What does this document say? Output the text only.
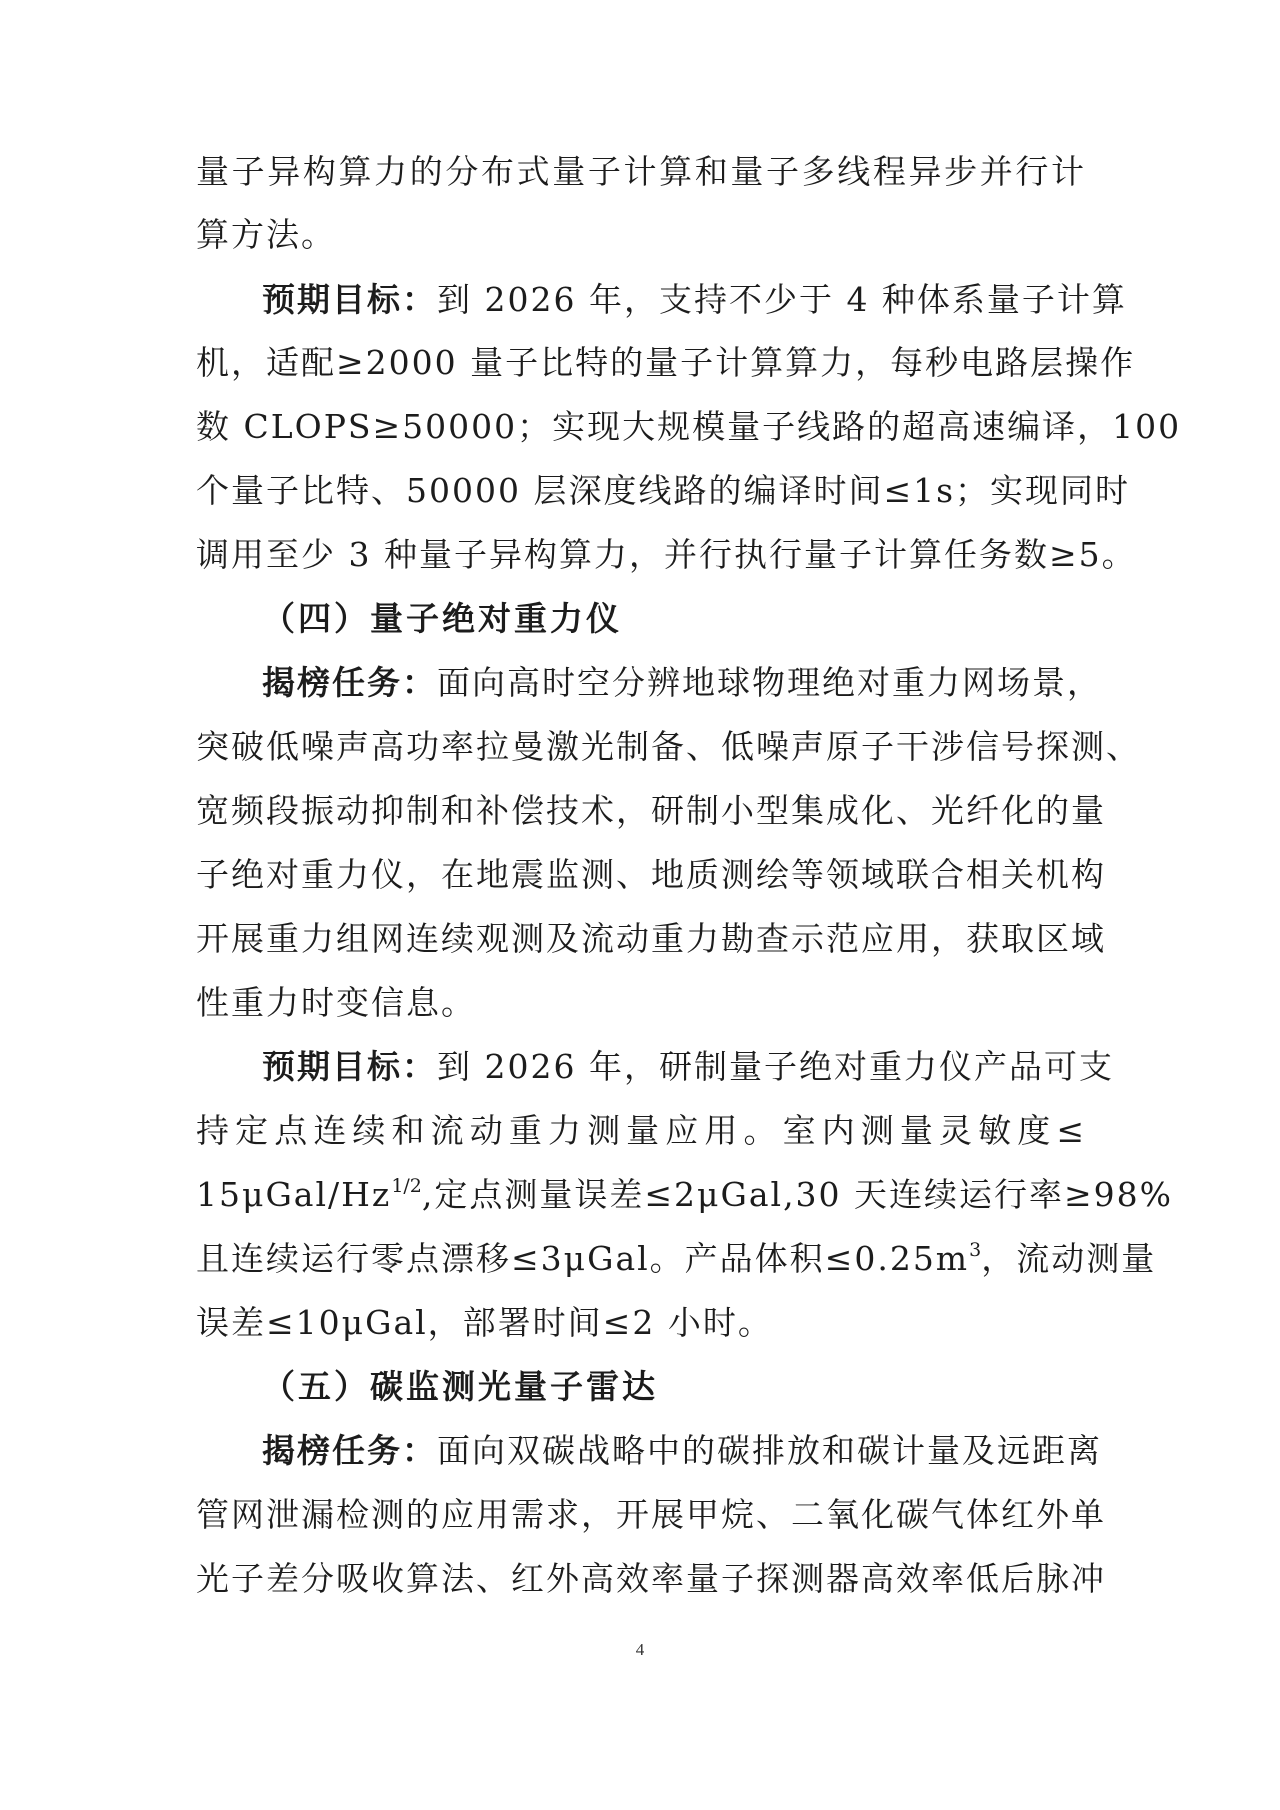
量子异构算力的分布式量子计算和量子多线程异步并行计
算方法。
预期目标：到 2026 年，支持不少于 4 种体系量子计算
机，适配≥2000 量子比特的量子计算算力，每秒电路层操作
数 CLOPS≥50000；实现大规模量子线路的超高速编译，100
个量子比特、50000 层深度线路的编译时间≤1s；实现同时
调用至少 3 种量子异构算力，并行执行量子计算任务数≥5。
（四）量子绝对重力仪
揭榜任务：面向高时空分辨地球物理绝对重力网场景，
突破低噪声高功率拉曼激光制备、低噪声原子干涉信号探测、
宽频段振动抑制和补偿技术，研制小型集成化、光纤化的量
子绝对重力仪，在地震监测、地质测绘等领域联合相关机构
开展重力组网连续观测及流动重力勘查示范应用，获取区域
性重力时变信息。
预期目标：到 2026 年，研制量子绝对重力仪产品可支
持定点连续和流动重力测量应用。室内测量灵敏度≤
$15\mu Gal/Hz^{1/2}$,定点测量误差≤2μGal,30 天连续运行率≥98%
且连续运行零点漂移≤3μGal。产品体积$\le 0.25m^3$，流动测量
误差≤10μGal，部署时间≤2 小时。
（五）碳监测光量子雷达
揭榜任务：面向双碳战略中的碳排放和碳计量及远距离
管网泄漏检测的应用需求，开展甲烷、二氧化碳气体红外单
光子差分吸收算法、红外高效率量子探测器高效率低后脉冲
4
